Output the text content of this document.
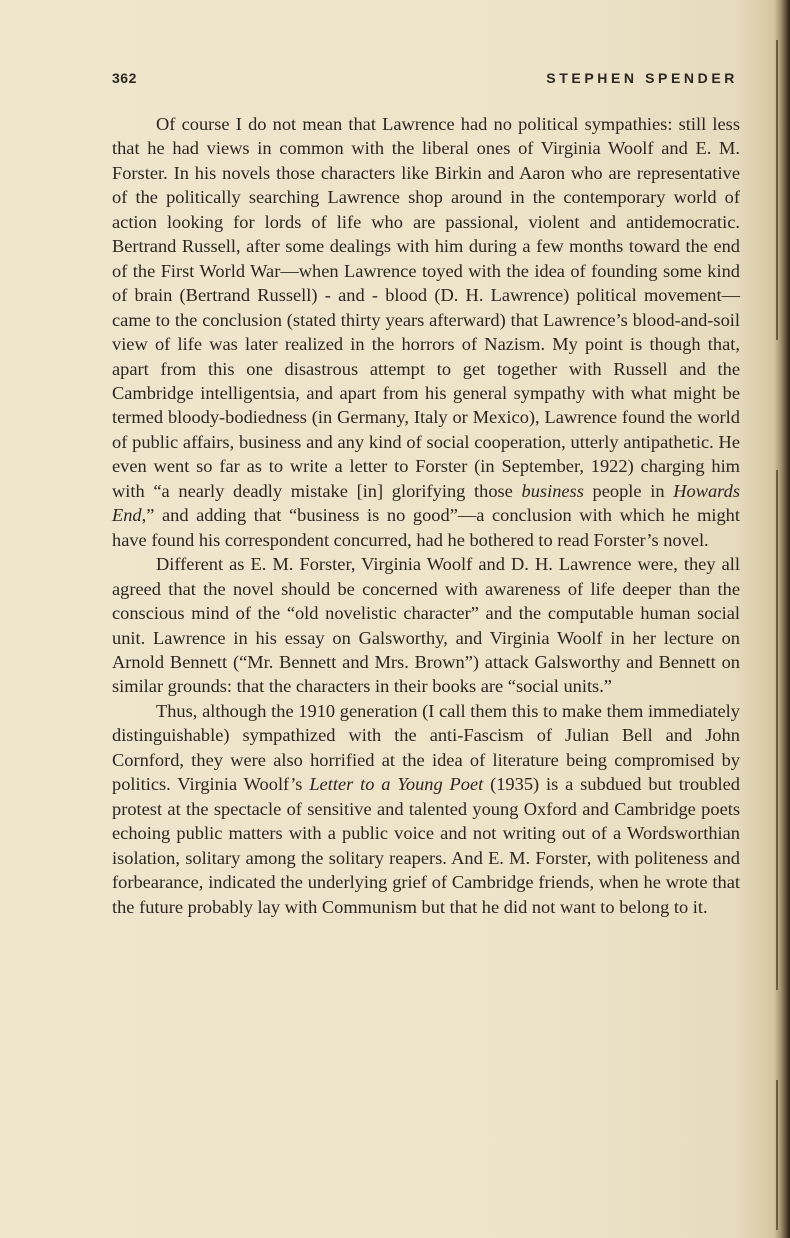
362	STEPHEN SPENDER

Of course I do not mean that Lawrence had no political sympathies: still less that he had views in common with the liberal ones of Virginia Woolf and E. M. Forster. In his novels those characters like Birkin and Aaron who are representative of the politically searching Lawrence shop around in the contemporary world of action looking for lords of life who are passional, violent and antidemocratic. Bertrand Russell, after some dealings with him during a few months toward the end of the First World War—when Lawrence toyed with the idea of founding some kind of brain (Bertrand Russell) - and - blood (D. H. Lawrence) political movement—came to the conclusion (stated thirty years afterward) that Lawrence’s blood-and-soil view of life was later realized in the horrors of Nazism. My point is though that, apart from this one disastrous attempt to get together with Russell and the Cambridge intelligentsia, and apart from his general sympathy with what might be termed bloody-bodiedness (in Germany, Italy or Mexico), Lawrence found the world of public affairs, business and any kind of social cooperation, utterly antipathetic. He even went so far as to write a letter to Forster (in September, 1922) charging him with “a nearly deadly mistake [in] glorifying those business people in Howards End,” and adding that “business is no good”—a conclusion with which he might have found his correspondent concurred, had he bothered to read Forster’s novel.

Different as E. M. Forster, Virginia Woolf and D. H. Lawrence were, they all agreed that the novel should be concerned with awareness of life deeper than the conscious mind of the “old novelistic character” and the computable human social unit. Lawrence in his essay on Galsworthy, and Virginia Woolf in her lecture on Arnold Bennett (“Mr. Bennett and Mrs. Brown”) attack Galsworthy and Bennett on similar grounds: that the characters in their books are “social units.”

Thus, although the 1910 generation (I call them this to make them immediately distinguishable) sympathized with the anti-Fascism of Julian Bell and John Cornford, they were also horrified at the idea of literature being compromised by politics. Virginia Woolf’s Letter to a Young Poet (1935) is a subdued but troubled protest at the spectacle of sensitive and talented young Oxford and Cambridge poets echoing public matters with a public voice and not writing out of a Wordsworthian isolation, solitary among the solitary reapers. And E. M. Forster, with politeness and forbearance, indicated the underlying grief of Cambridge friends, when he wrote that the future probably lay with Communism but that he did not want to belong to it.
